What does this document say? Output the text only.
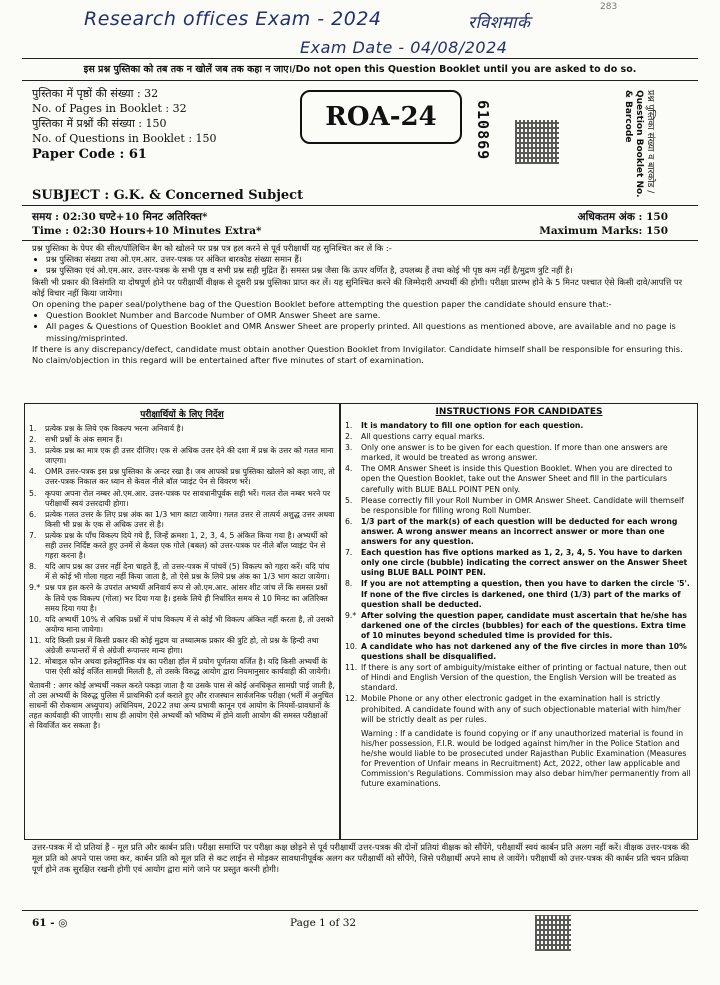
Research offices Exam - 2024	रविशमार्क
283
Exam Date - 04/08/2024
इस प्रश्न पुस्तिका को तब तक न खोलें जब तक कहा न जाए।/Do not open this Question Booklet until you are asked to do so.
पुस्तिका में पृष्ठों की संख्या : 32
No. of Pages in Booklet : 32
पुस्तिका में प्रश्नों की संख्या : 150
No. of Questions in Booklet : 150
Paper Code : 61
ROA-24	610869	प्रश्न पुस्तिका संख्या व बारकोड / Question Booklet No. & Barcode
SUBJECT : G.K. & Concerned Subject
समय : 02:30 घण्टे+10 मिनट अतिरिक्त*
Time : 02:30 Hours+10 Minutes Extra*
अधिकतम अंक : 150
Maximum Marks: 150

प्रश्न पुस्तिका के पेपर की सील/पॉलिथिन बैग को खोलने पर प्रश्न पत्र हल करने से पूर्व परीक्षार्थी यह सुनिश्चित कर लें कि :-

• प्रश्न पुस्तिका संख्या तथा ओ.एम.आर. उत्तर-पत्रक पर अंकित बारकोड संख्या समान हैं।
• प्रश्न पुस्तिका एवं ओ.एम.आर. उत्तर-पत्रक के सभी पृष्ठ व सभी प्रश्न सही मुद्रित हैं। समस्त प्रश्न जैसा कि ऊपर वर्णित है, उपलब्ध हैं तथा कोई भी पृष्ठ कम नहीं है/मुद्रण त्रुटि नहीं है।

किसी भी प्रकार की विसंगति या दोषपूर्ण होने पर परीक्षार्थी वीक्षक से दूसरी प्रश्न पुस्तिका प्राप्त कर लें। यह सुनिश्चित करने की जिम्मेदारी अभ्यर्थी की होगी। परीक्षा प्रारम्भ होने के 5 मिनट पश्चात ऐसे किसी दावे/आपत्ति पर कोई विचार नहीं किया जायेगा।

On opening the paper seal/polythene bag of the Question Booklet before attempting the question paper the candidate should ensure that:-

• Question Booklet Number and Barcode Number of OMR Answer Sheet are same.
• All pages & Questions of Question Booklet and OMR Answer Sheet are properly printed. All questions as mentioned above, are available and no page is missing/misprinted.

If there is any discrepancy/defect, candidate must obtain another Question Booklet from Invigilator. Candidate himself shall be responsible for ensuring this. No claim/objection in this regard will be entertained after five minutes of start of examination.

परीक्षार्थियों के लिए निर्देश
1.	प्रत्येक प्रश्न के लिये एक विकल्प भरना अनिवार्य है।
2.	सभी प्रश्नों के अंक समान हैं।
3.	प्रत्येक प्रश्न का मात्र एक ही उत्तर दीजिए। एक से अधिक उत्तर देने की दशा में प्रश्न के उत्तर को गलत माना जाएगा।
4.	OMR उत्तर-पत्रक इस प्रश्न पुस्तिका के अन्दर रखा है। जब आपको प्रश्न पुस्तिका खोलने को कहा जाए, तो उत्तर-पत्रक निकाल कर ध्यान से केवल नीले बॉल प्वाइंट पेन से विवरण भरें।
5.	कृपया अपना रोल नम्बर ओ.एम.आर. उत्तर-पत्रक पर सावधानीपूर्वक सही भरें। गलत रोल नम्बर भरने पर परीक्षार्थी स्वयं उत्तरदायी होगा।
6.	प्रत्येक गलत उत्तर के लिए प्रश्न अंक का 1/3 भाग काटा जायेगा। गलत उत्तर से तात्पर्य अशुद्ध उत्तर अथवा किसी भी प्रश्न के एक से अधिक उत्तर से है।
7.	प्रत्येक प्रश्न के पाँच विकल्प दिये गये हैं, जिन्हें क्रमशः 1, 2, 3, 4, 5 अंकित किया गया है। अभ्यर्थी को सही उत्तर निर्दिष्ट करते हुए उनमें से केवल एक गोले (बबल) को उत्तर-पत्रक पर नीले बॉल प्वाइंट पेन से गहरा करना है।
8.	यदि आप प्रश्न का उत्तर नहीं देना चाहते हैं, तो उत्तर-पत्रक में पांचवें (5) विकल्प को गहरा करें। यदि पांच में से कोई भी गोला गहरा नहीं किया जाता है, तो ऐसे प्रश्न के लिये प्रश्न अंक का 1/3 भाग काटा जायेगा।
9.* प्रश्न पत्र हल करने के उपरांत अभ्यर्थी अनिवार्य रूप से ओ.एम.आर. आंसर शीट जांच लें कि समस्त प्रश्नों के लिये एक विकल्प (गोला) भर दिया गया है। इसके लिये ही निर्धारित समय से 10 मिनट का अतिरिक्त समय दिया गया है।
10. यदि अभ्यर्थी 10% से अधिक प्रश्नों में पांच विकल्प में से कोई भी विकल्प अंकित नहीं करता है, तो उसको अयोग्य माना जायेगा।
11. यदि किसी प्रश्न में किसी प्रकार की कोई मुद्रण या तथ्यात्मक प्रकार की त्रुटि हो, तो प्रश्न के हिन्दी तथा अंग्रेजी रूपान्तरों में से अंग्रेजी रूपान्तर मान्य होगा।
12. मोबाइल फोन अथवा इलेक्ट्रॉनिक यंत्र का परीक्षा हॉल में प्रयोग पूर्णतया वर्जित है। यदि किसी अभ्यर्थी के पास ऐसी कोई वर्जित सामग्री मिलती है, तो उसके विरुद्ध आयोग द्वारा नियमानुसार कार्यवाही की जायेगी।
चेतावनी : अगर कोई अभ्यर्थी नकल करते पकड़ा जाता है या उसके पास से कोई अनधिकृत सामग्री पाई जाती है, तो उस अभ्यर्थी के विरुद्ध पुलिस में प्राथमिकी दर्ज कराते हुए और राजस्थान सार्वजनिक परीक्षा (भर्ती में अनुचित साधनों की रोकथाम अध्युपाय) अधिनियम, 2022 तथा अन्य प्रभावी कानून एवं आयोग के नियमों-प्रावधानों के तहत कार्यवाही की जाएगी। साथ ही आयोग ऐसे अभ्यर्थी को भविष्य में होने वाली आयोग की समस्त परीक्षाओं से विवर्जित कर सकता है।
INSTRUCTIONS FOR CANDIDATES
1.	It is mandatory to fill one option for each question.
2.	All questions carry equal marks.
3.	Only one answer is to be given for each question. If more than one answers are marked, it would be treated as wrong answer.
4.	The OMR Answer Sheet is inside this Question Booklet. When you are directed to open the Question Booklet, take out the Answer Sheet and fill in the particulars carefully with BLUE BALL POINT PEN only.
5.	Please correctly fill your Roll Number in OMR Answer Sheet. Candidate will themself be responsible for filling wrong Roll Number.
6.	1/3 part of the mark(s) of each question will be deducted for each wrong answer. A wrong answer means an incorrect answer or more than one answers for any question.
7.	Each question has five options marked as 1, 2, 3, 4, 5. You have to darken only one circle (bubble) indicating the correct answer on the Answer Sheet using BLUE BALL POINT PEN.
8.	If you are not attempting a question, then you have to darken the circle '5'. If none of the five circles is darkened, one third (1/3) part of the marks of question shall be deducted.
9.* After solving the question paper, candidate must ascertain that he/she has darkened one of the circles (bubbles) for each of the questions. Extra time of 10 minutes beyond scheduled time is provided for this.
10. A candidate who has not darkened any of the five circles in more than 10% questions shall be disqualified.
11. If there is any sort of ambiguity/mistake either of printing or factual nature, then out of Hindi and English Version of the question, the English Version will be treated as standard.
12. Mobile Phone or any other electronic gadget in the examination hall is strictly prohibited. A candidate found with any of such objectionable material with him/her will be strictly dealt as per rules.
Warning : If a candidate is found copying or if any unauthorized material is found in his/her possession, F.I.R. would be lodged against him/her in the Police Station and he/she would liable to be prosecuted under Rajasthan Public Examination (Measures for Prevention of Unfair means in Recruitment) Act, 2022, other law applicable and Commission's Regulations. Commission may also debar him/her permanently from all future examinations.
उत्तर-पत्रक में दो प्रतियां हैं - मूल प्रति और कार्बन प्रति। परीक्षा समाप्ति पर परीक्षा कक्ष छोड़ने से पूर्व परीक्षार्थी उत्तर-पत्रक की दोनों प्रतियां वीक्षक को सौंपेंगे, परीक्षार्थी स्वयं कार्बन प्रति अलग नहीं करें। वीक्षक उत्तर-पत्रक की मूल प्रति को अपने पास जमा कर, कार्बन प्रति को मूल प्रति से कट लाईन से मोड़कर सावधानीपूर्वक अलग कर परीक्षार्थी को सौंपेंगे, जिसे परीक्षार्थी अपने साथ ले जायेंगे। परीक्षार्थी को उत्तर-पत्रक की कार्बन प्रति चयन प्रक्रिया पूर्ण होने तक सुरक्षित रखनी होगी एवं आयोग द्वारा मांगे जाने पर प्रस्तुत करनी होगी।
61 - ◎	Page 1 of 32
